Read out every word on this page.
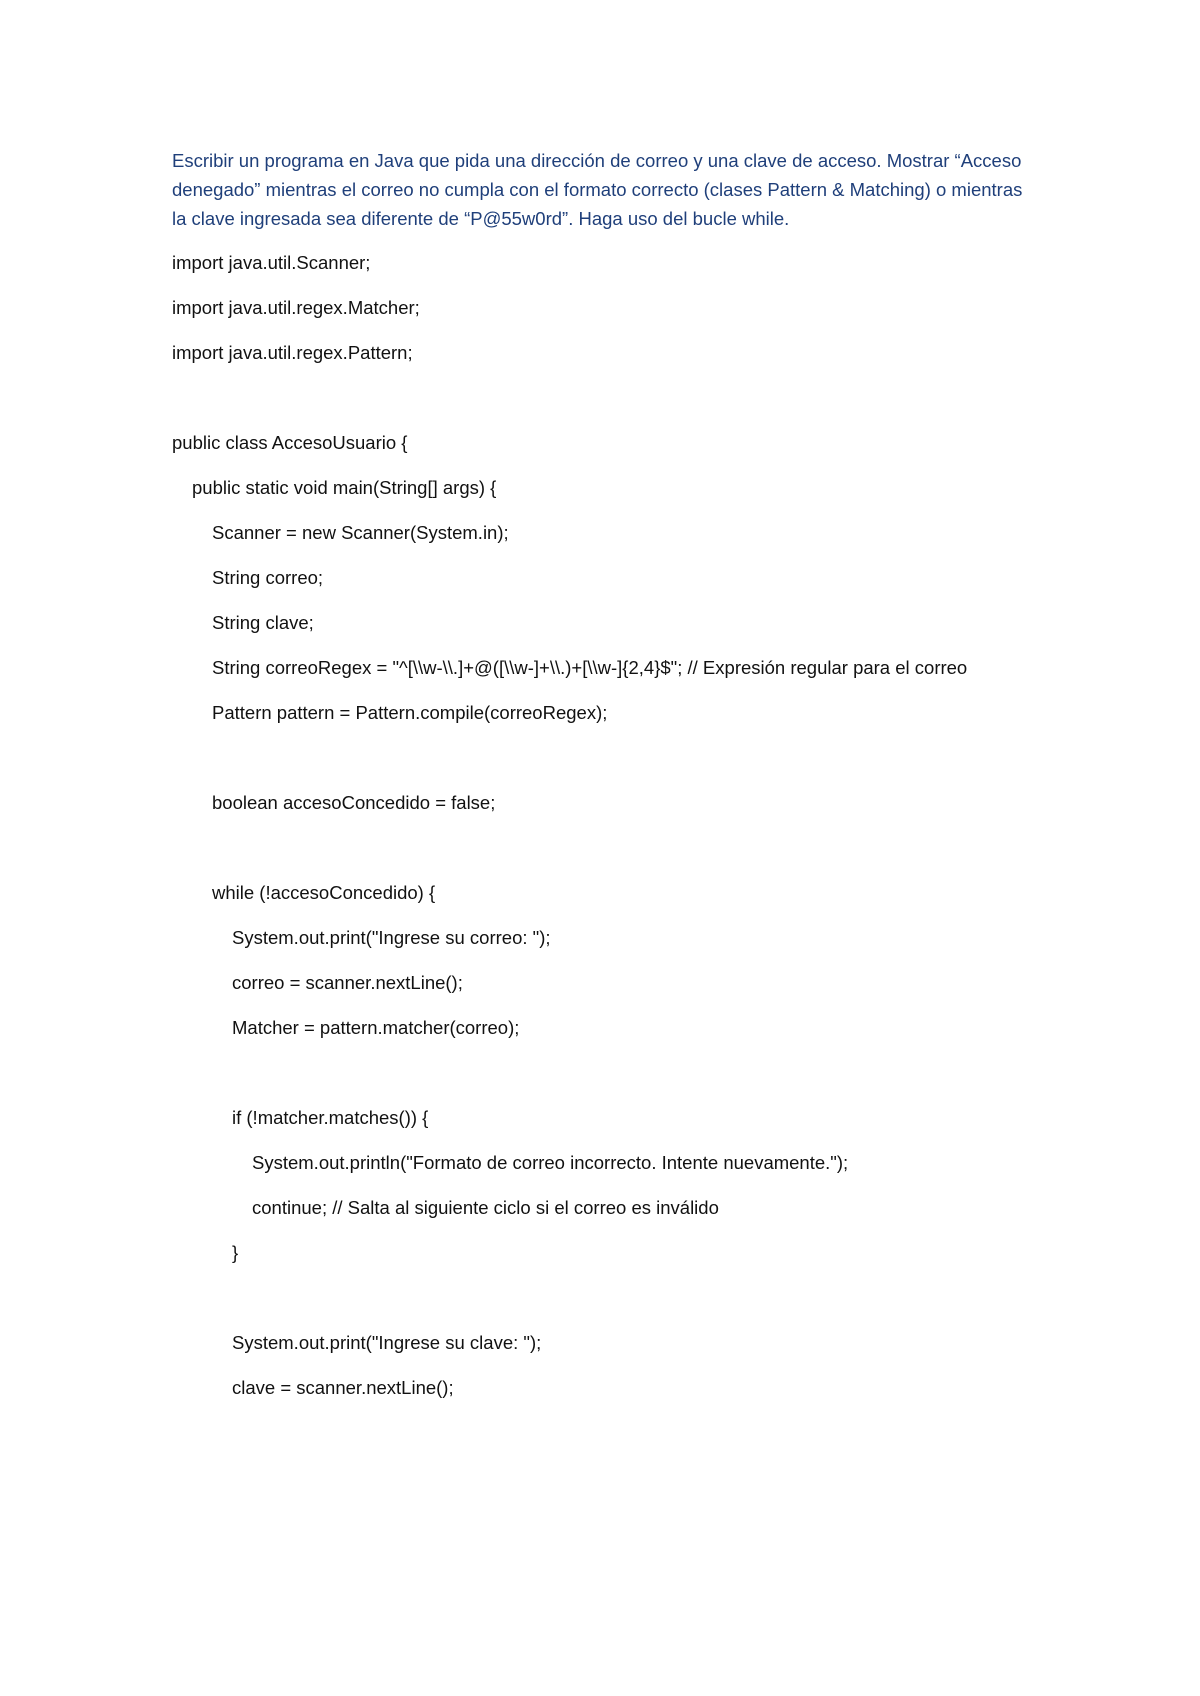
Escribir un programa en Java que pida una dirección de correo y una clave de acceso. Mostrar “Acceso denegado” mientras el correo no cumpla con el formato correcto (clases Pattern & Matching) o mientras la clave ingresada sea diferente de “P@55w0rd”. Haga uso del bucle while.

import java.util.Scanner;
import java.util.regex.Matcher;
import java.util.regex.Pattern;
public class AccesoUsuario {
public static void main(String[] args) {
Scanner = new Scanner(System.in);
String correo;
String clave;
String correoRegex = "^[\\w-\\.]+@([\\w-]+\\.)+[\\w-]{2,4}$"; // Expresión regular para el correo
Pattern pattern = Pattern.compile(correoRegex);
boolean accesoConcedido = false;
while (!accesoConcedido) {
System.out.print("Ingrese su correo: ");
correo = scanner.nextLine();
Matcher = pattern.matcher(correo);
if (!matcher.matches()) {
System.out.println("Formato de correo incorrecto. Intente nuevamente.");
continue; // Salta al siguiente ciclo si el correo es inválido
}
System.out.print("Ingrese su clave: ");
clave = scanner.nextLine();
